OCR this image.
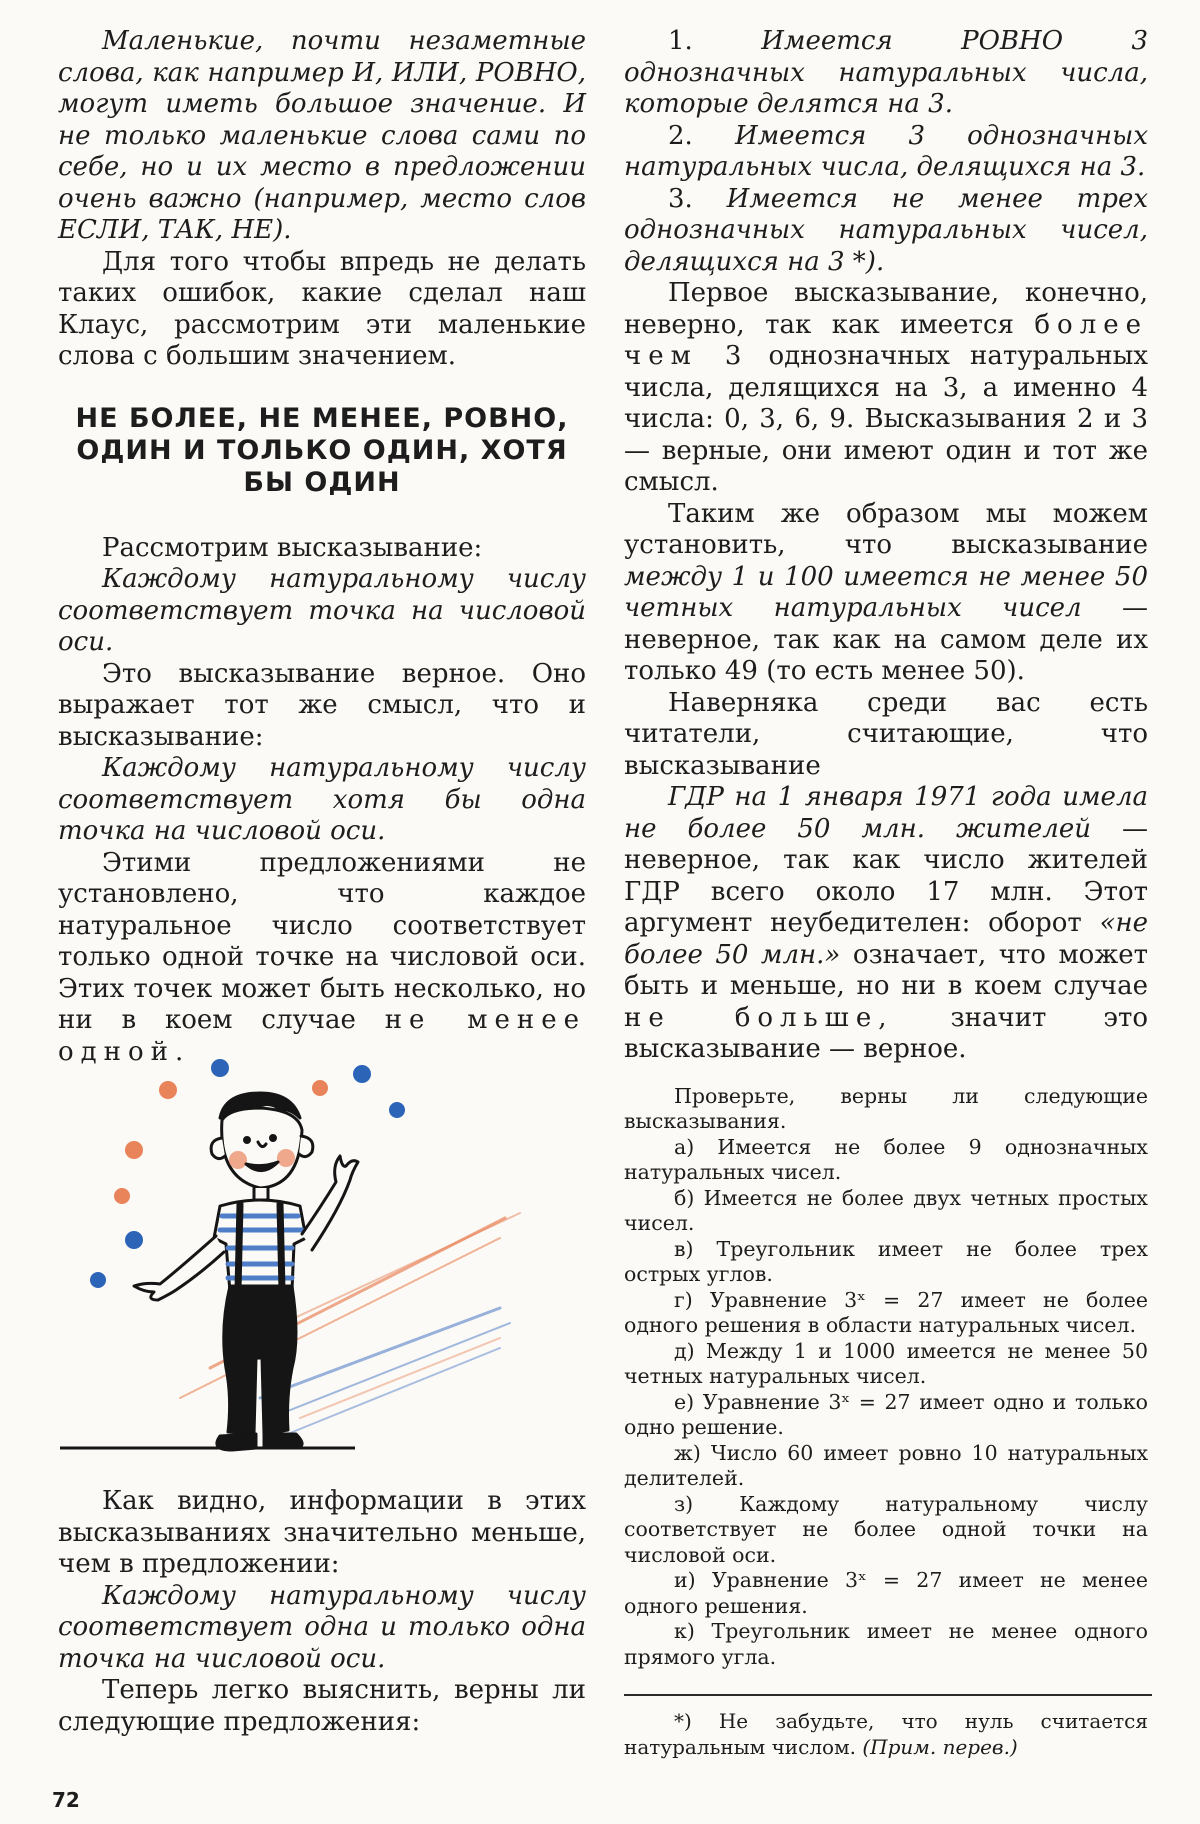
Маленькие, почти незаметные слова, как например И, ИЛИ, РОВНО, могут иметь большое значение. И не только маленькие слова сами по себе, но и их место в предложении очень важно (например, место слов ЕСЛИ, ТАК, НЕ).

Для того чтобы впредь не делать таких ошибок, какие сделал наш Клаус, рассмотрим эти маленькие слова с большим значением.

НЕ БОЛЕЕ, НЕ МЕНЕЕ, РОВНО, ОДИН И ТОЛЬКО ОДИН, ХОТЯ БЫ ОДИН

Рассмотрим высказывание:

Каждому натуральному числу соответствует точка на числовой оси.

Это высказывание верное. Оно выражает тот же смысл, что и высказывание:

Каждому натуральному числу соответствует хотя бы одна точка на числовой оси.

Этими предложениями не установлено, что каждое натуральное число соответствует только одной точке на числовой оси. Этих точек может быть несколько, но ни в коем случае не менее одной.

Как видно, информации в этих высказываниях значительно меньше, чем в предложении:

Каждому натуральному числу соответствует одна и только одна точка на числовой оси.

Теперь легко выяснить, верны ли следующие предложения:

1.	Имеется РОВНО 3 однозначных натуральных числа, которые делятся на 3.

2. Имеется 3 однозначных натуральных числа, делящихся на 3.

3. Имеется не менее трех однозначных натуральных чисел, делящихся на 3 *).

Первое высказывание, конечно, неверно, так как имеется более чем 3 однозначных натуральных числа, делящихся на 3, а именно 4 числа: 0, 3, 6, 9. Высказывания 2 и 3 — верные, они имеют один и тот же смысл.

Таким же образом мы можем установить, что высказывание между 1 и 100 имеется не менее 50 четных натуральных чисел — неверное, так как на самом деле их только 49 (то есть менее 50).

Наверняка среди вас есть читатели, считающие, что высказывание

ГДР на 1 января 1971 года имела не более 50 млн. жителей — неверное, так как число жителей ГДР всего около 17 млн. Этот аргумент неубедителен: оборот «не более 50 млн.» означает, что может быть и меньше, но ни в коем случае не больше, значит это высказывание — верное.

Проверьте, верны ли следующие высказывания.

а) Имеется не более 9 однозначных натуральных чисел.

б) Имеется не более двух четных простых чисел.

в) Треугольник имеет не более трех острых углов.

г) Уравнение 3ˣ = 27 имеет не более одного решения в области натуральных чисел.

д) Между 1 и 1000 имеется не менее 50 четных натуральных чисел.

е) Уравнение 3ˣ = 27 имеет одно и только одно решение.

ж) Число 60 имеет ровно 10 натуральных делителей.

з) Каждому натуральному числу соответствует не более одной точки на числовой оси.

и) Уравнение 3ˣ = 27 имеет не менее одного решения.

к) Треугольник имеет не менее одного прямого угла.

*) Не забудьте, что нуль считается натуральным числом. (Прим. перев.)

72
